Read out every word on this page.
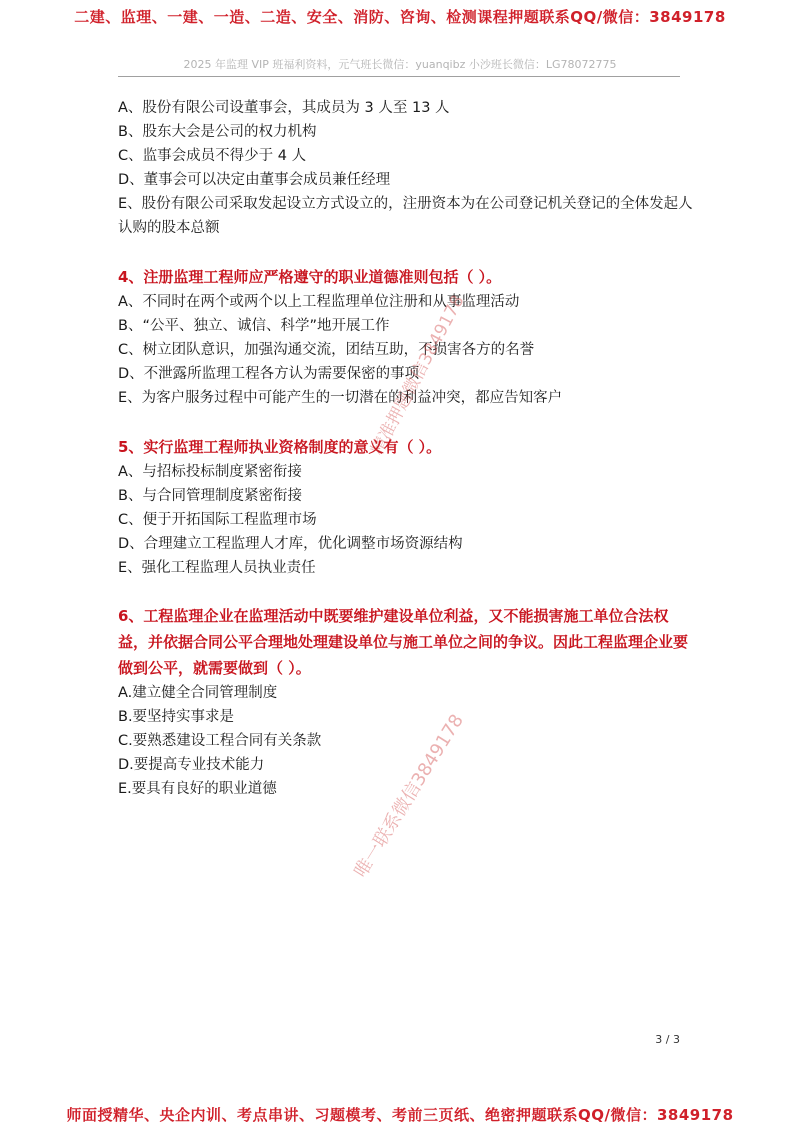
二建、监理、一建、一造、二造、安全、消防、咨询、检测课程押题联系QQ/微信：3849178
2025 年监理 VIP 班福利资料，元气班长微信：yuanqibz 小沙班长微信：LG78072775
A、股份有限公司设董事会，其成员为 3 人至 13 人
B、股东大会是公司的权力机构
C、监事会成员不得少于 4 人
D、董事会可以决定由董事会成员兼任经理
E、股份有限公司采取发起设立方式设立的，注册资本为在公司登记机关登记的全体发起人认购的股本总额
4、注册监理工程师应严格遵守的职业道德准则包括（ ）。
A、不同时在两个或两个以上工程监理单位注册和从事监理活动
B、“公平、独立、诚信、科学”地开展工作
C、树立团队意识，加强沟通交流，团结互助，不损害各方的名誉
D、不泄露所监理工程各方认为需要保密的事项
E、为客户服务过程中可能产生的一切潜在的利益冲突，都应告知客户
5、实行监理工程师执业资格制度的意义有（ ）。
A、与招标投标制度紧密衔接
B、与合同管理制度紧密衔接
C、便于开拓国际工程监理市场
D、合理建立工程监理人才库，优化调整市场资源结构
E、强化工程监理人员执业责任
6、工程监理企业在监理活动中既要维护建设单位利益，又不能损害施工单位合法权益，并依据合同公平合理地处理建设单位与施工单位之间的争议。因此工程监理企业要做到公平，就需要做到（ ）。
A.建立健全合同管理制度
B.要坚持实事求是
C.要熟悉建设工程合同有关条款
D.要提高专业技术能力
E.要具有良好的职业道德
精准押题微信3849178
唯一联系微信3849178
3 / 3
师面授精华、央企内训、考点串讲、习题模考、考前三页纸、绝密押题联系QQ/微信：3849178
